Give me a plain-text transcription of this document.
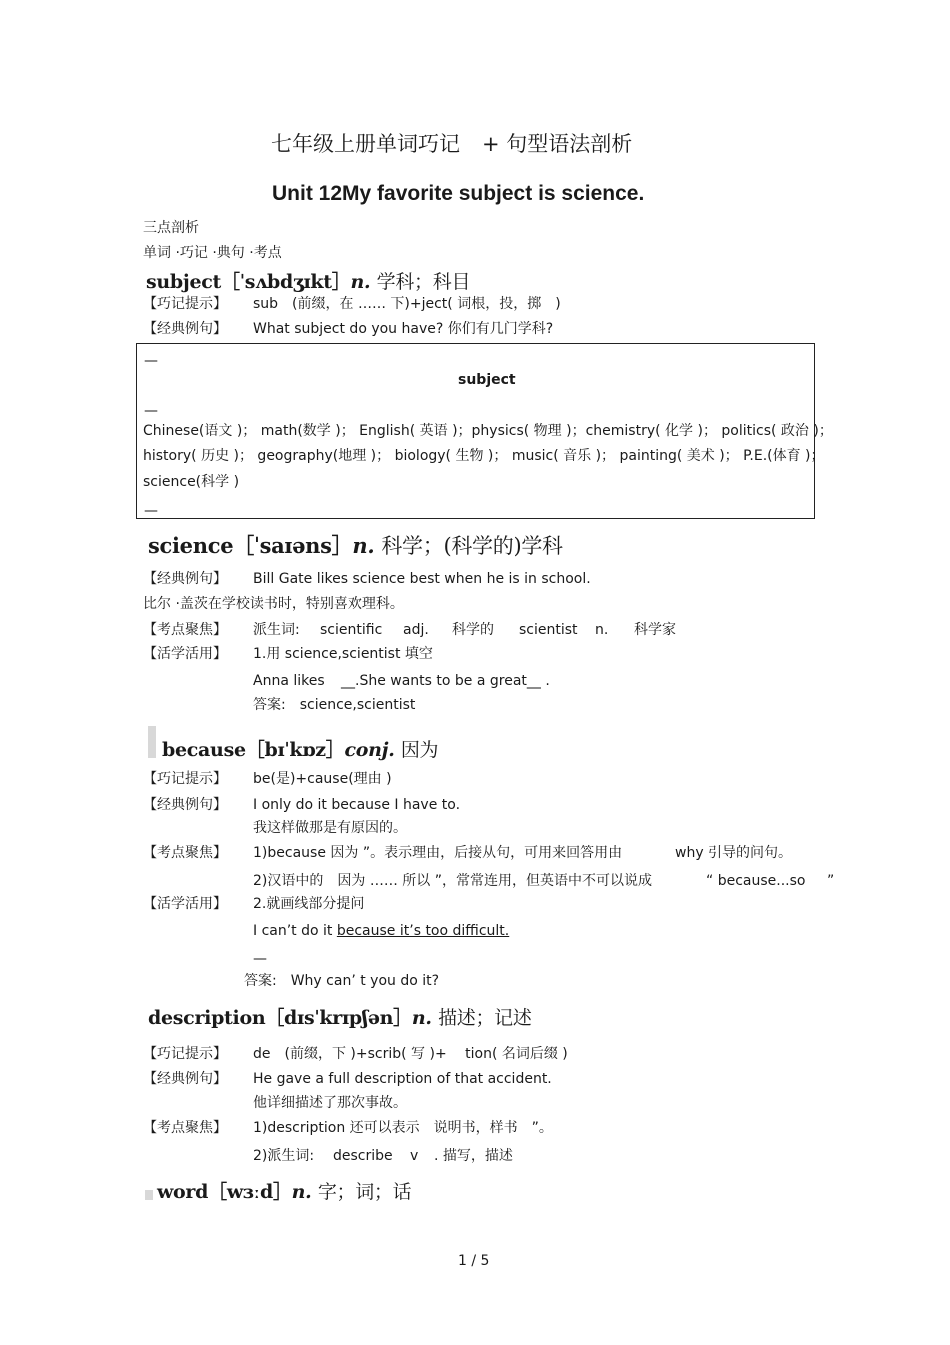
七年级上册单词巧记 + 句型语法剖析
Unit 12My favorite subject is science.
三点剖析
单词 ·巧记 ·典句 ·考点
subject［ˈsʌbdʒɪkt］n. 学科；科目
【巧记提示】 sub　(前缀，在 …… 下)+ject( 词根，投，掷　)
【经典例句】 What subject do you have? 你们有几门学科?
—
subject
—
Chinese(语文 )； math(数学 )； English( 英语 )；physics( 物理 )；chemistry( 化学 )； politics( 政治 )；
history( 历史 )； geography(地理 )； biology( 生物 )； music( 音乐 )； painting( 美术 )； P.E.(体育 )；
science(科学 )
—
science［ˈsaɪəns］n. 科学；(科学的)学科
【经典例句】 Bill Gate likes science best when he is in school.
比尔 ·盖茨在学校读书时，特别喜欢理科。
【考点聚焦】 派生词: scientific adj. 科学的 scientist n. 科学家
【活学活用】 1.用 science,scientist 填空
Anna likes __.She wants to be a great__ .
答案:　science,scientist
because［bɪˈkɒz］conj. 因为
【巧记提示】 be(是)+cause(理由 )
【经典例句】 I only do it because I have to.
我这样做那是有原因的。
【考点聚焦】 1)because 因为 ”。表示理由，后接从句，可用来回答用由	why 引导的问句。
2)汉语中的　因为 …… 所以 ”，常常连用，但英语中不可以说成	“ because...so ”
【活学活用】 2.就画线部分提问
I can’t do it because it’s too difficult.
—
答案:　Why can’ t you do it?
description［dɪsˈkrɪpʃən］n. 描述；记述
【巧记提示】 de　(前缀，下 )+scrib( 写 )+　 tion( 名词后缀 )
【经典例句】 He gave a full description of that accident.
他详细描述了那次事故。
【考点聚焦】 1)description 还可以表示　说明书，样书　”。
2)派生词: describe v . 描写，描述
word［wɜːd］n. 字；词；话
1 / 5
